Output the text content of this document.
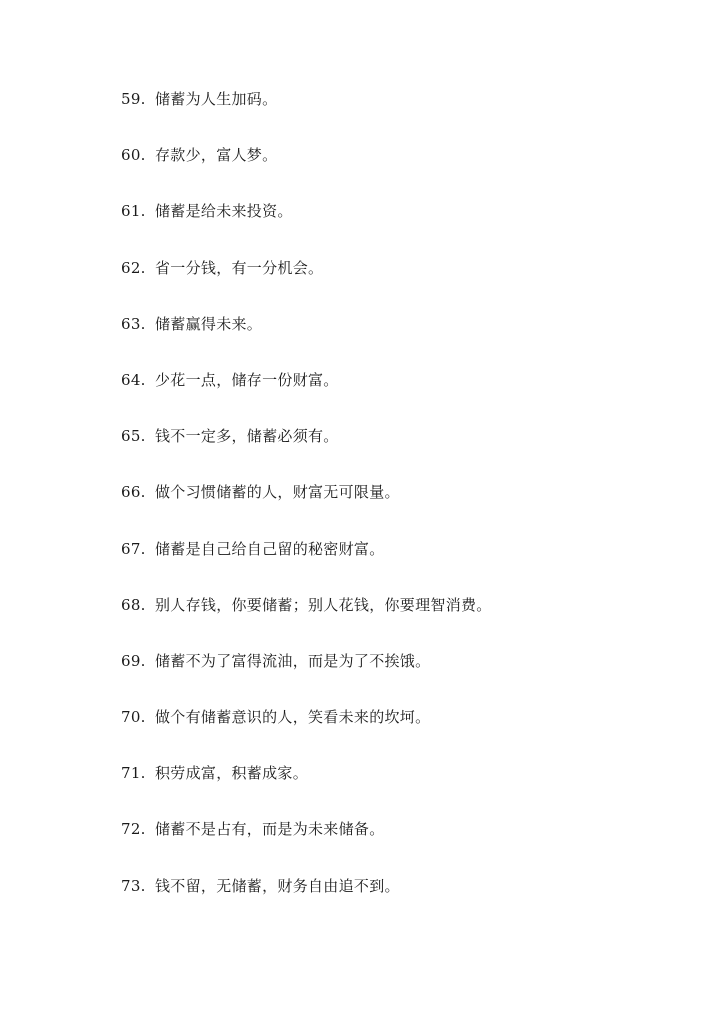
59. 储蓄为人生加码。
60. 存款少，富人梦。
61. 储蓄是给未来投资。
62. 省一分钱，有一分机会。
63. 储蓄赢得未来。
64. 少花一点，储存一份财富。
65. 钱不一定多，储蓄必须有。
66. 做个习惯储蓄的人，财富无可限量。
67. 储蓄是自己给自己留的秘密财富。
68. 别人存钱，你要储蓄；别人花钱，你要理智消费。
69. 储蓄不为了富得流油，而是为了不挨饿。
70. 做个有储蓄意识的人，笑看未来的坎坷。
71. 积劳成富，积蓄成家。
72. 储蓄不是占有，而是为未来储备。
73. 钱不留，无储蓄，财务自由追不到。
